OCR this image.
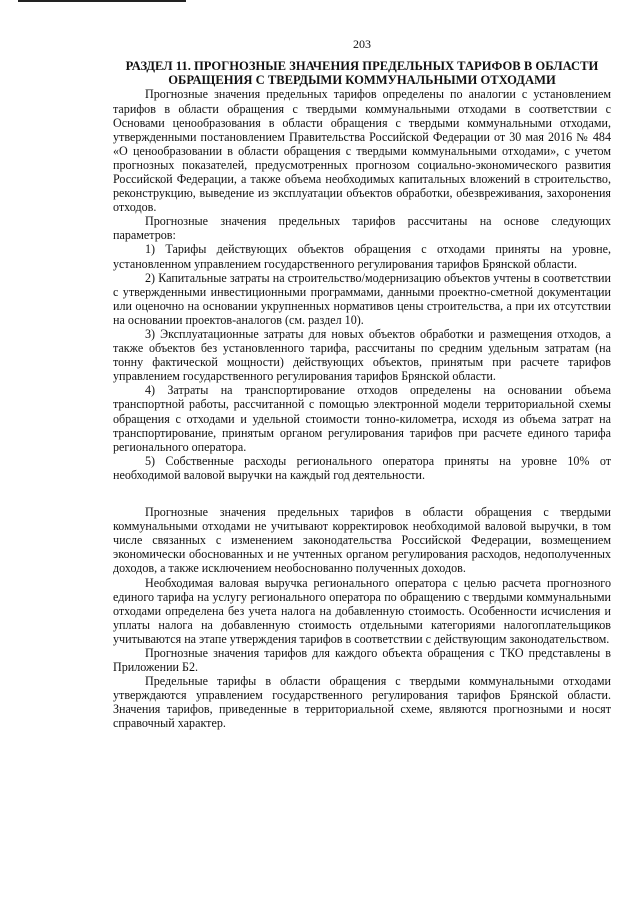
203
РАЗДЕЛ 11. ПРОГНОЗНЫЕ ЗНАЧЕНИЯ ПРЕДЕЛЬНЫХ ТАРИФОВ В ОБЛАСТИ
ОБРАЩЕНИЯ С ТВЕРДЫМИ КОММУНАЛЬНЫМИ ОТХОДАМИ

Прогнозные значения предельных тарифов определены по аналогии с установлением тарифов в области обращения с твердыми коммунальными отходами в соответствии с Основами ценообразования в области обращения с твердыми коммунальными отходами, утвержденными постановлением Правительства Российской Федерации от 30 мая 2016 № 484 «О ценообразовании в области обращения с твердыми коммунальными отходами», с учетом прогнозных показателей, предусмотренных прогнозом социально-экономического развития Российской Федерации, а также объема необходимых капитальных вложений в строительство, реконструкцию, выведение из эксплуатации объектов обработки, обезвреживания, захоронения отходов.

Прогнозные значения предельных тарифов рассчитаны на основе следующих параметров:

1) Тарифы действующих объектов обращения с отходами приняты на уровне, установленном управлением государственного регулирования тарифов Брянской области.

2) Капитальные затраты на строительство/модернизацию объектов учтены в соответствии с утвержденными инвестиционными программами, данными проектно-сметной документации или оценочно на основании укрупненных нормативов цены строительства, а при их отсутствии на основании проектов-аналогов (см. раздел 10).

3) Эксплуатационные затраты для новых объектов обработки и размещения отходов, а также объектов без установленного тарифа, рассчитаны по средним удельным затратам (на тонну фактической мощности) действующих объектов, принятым при расчете тарифов управлением государственного регулирования тарифов Брянской области.

4) Затраты на транспортирование отходов определены на основании объема транспортной работы, рассчитанной с помощью электронной модели территориальной схемы обращения с отходами и удельной стоимости тонно-километра, исходя из объема затрат на транспортирование, принятым органом регулирования тарифов при расчете единого тарифа регионального оператора.

5) Собственные расходы регионального оператора приняты на уровне 10% от необходимой валовой выручки на каждый год деятельности.

Прогнозные значения предельных тарифов в области обращения с твердыми коммунальными отходами не учитывают корректировок необходимой валовой выручки, в том числе связанных с изменением законодательства Российской Федерации, возмещением экономически обоснованных и не учтенных органом регулирования расходов, недополученных доходов, а также исключением необоснованно полученных доходов.

Необходимая валовая выручка регионального оператора с целью расчета прогнозного единого тарифа на услугу регионального оператора по обращению с твердыми коммунальными отходами определена без учета налога на добавленную стоимость. Особенности исчисления и уплаты налога на добавленную стоимость отдельными категориями налогоплательщиков учитываются на этапе утверждения тарифов в соответствии с действующим законодательством.

Прогнозные значения тарифов для каждого объекта обращения с ТКО представлены в Приложении Б2.

Предельные тарифы в области обращения с твердыми коммунальными отходами утверждаются управлением государственного регулирования тарифов Брянской области. Значения тарифов, приведенные в территориальной схеме, являются прогнозными и носят справочный характер.
